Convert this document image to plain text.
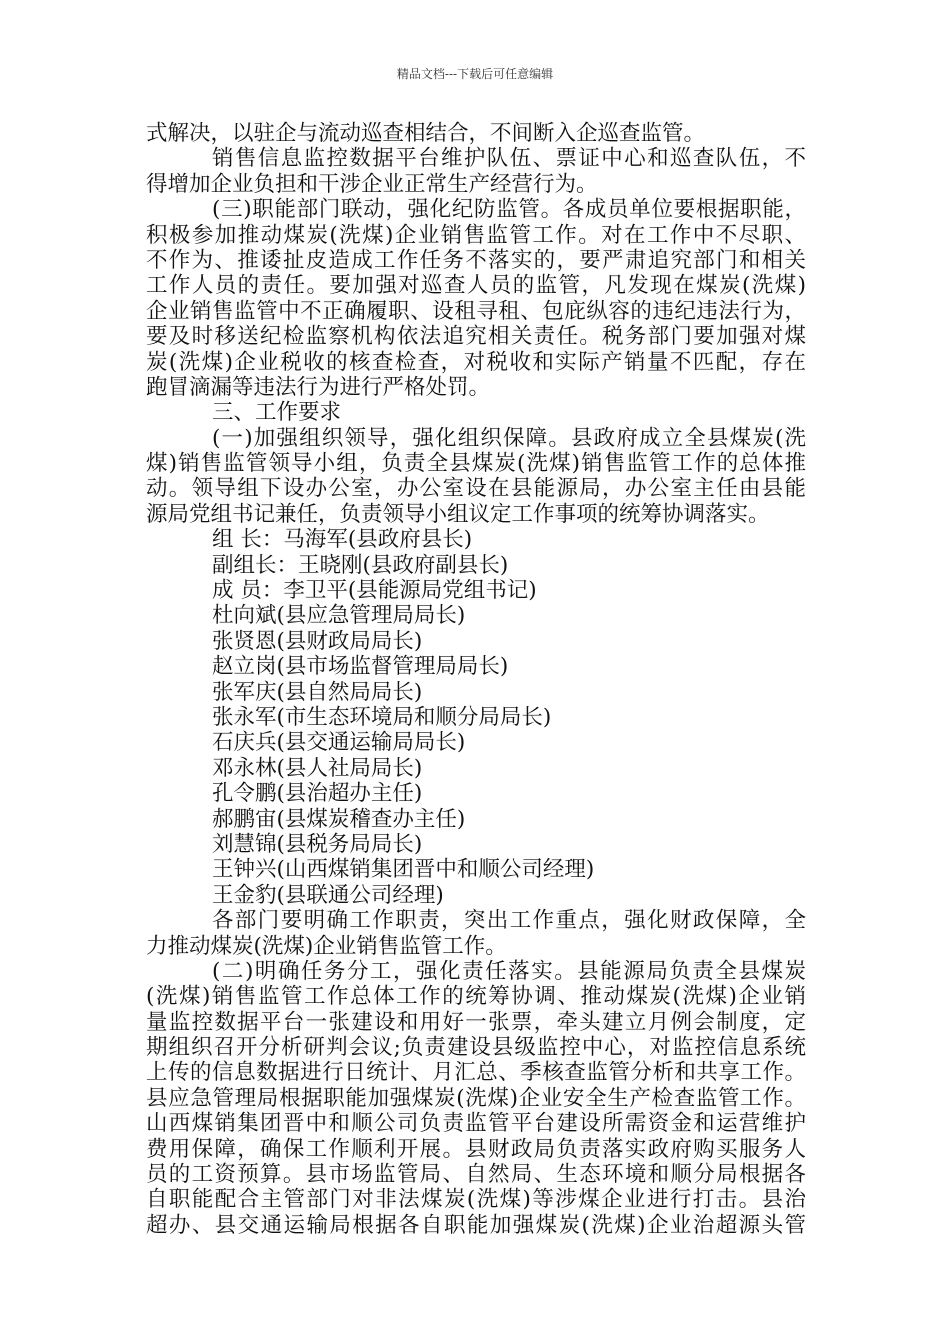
精品文档---下载后可任意编辑
式解决，以驻企与流动巡查相结合，不间断入企巡查监管。
销售信息监控数据平台维护队伍、票证中心和巡查队伍，不
得增加企业负担和干涉企业正常生产经营行为。
(三)职能部门联动，强化纪防监管。各成员单位要根据职能，
积极参加推动煤炭(洗煤)企业销售监管工作。对在工作中不尽职、
不作为、推诿扯皮造成工作任务不落实的，要严肃追究部门和相关
工作人员的责任。要加强对巡查人员的监管，凡发现在煤炭(洗煤)
企业销售监管中不正确履职、设租寻租、包庇纵容的违纪违法行为，
要及时移送纪检监察机构依法追究相关责任。税务部门要加强对煤
炭(洗煤)企业税收的核查检查，对税收和实际产销量不匹配，存在
跑冒滴漏等违法行为进行严格处罚。
三、工作要求
(一)加强组织领导，强化组织保障。县政府成立全县煤炭(洗
煤)销售监管领导小组，负责全县煤炭(洗煤)销售监管工作的总体推
动。领导组下设办公室，办公室设在县能源局，办公室主任由县能
源局党组书记兼任，负责领导小组议定工作事项的统筹协调落实。
组 长：马海军(县政府县长)
副组长：王晓刚(县政府副县长)
成 员：李卫平(县能源局党组书记)
杜向斌(县应急管理局局长)
张贤恩(县财政局局长)
赵立岗(县市场监督管理局局长)
张军庆(县自然局局长)
张永军(市生态环境局和顺分局局长)
石庆兵(县交通运输局局长)
邓永林(县人社局局长)
孔令鹏(县治超办主任)
郝鹏宙(县煤炭稽查办主任)
刘慧锦(县税务局局长)
王钟兴(山西煤销集团晋中和顺公司经理)
王金豹(县联通公司经理)
各部门要明确工作职责，突出工作重点，强化财政保障，全
力推动煤炭(洗煤)企业销售监管工作。
(二)明确任务分工，强化责任落实。县能源局负责全县煤炭
(洗煤)销售监管工作总体工作的统筹协调、推动煤炭(洗煤)企业销
量监控数据平台一张建设和用好一张票，牵头建立月例会制度，定
期组织召开分析研判会议;负责建设县级监控中心，对监控信息系统
上传的信息数据进行日统计、月汇总、季核查监管分析和共享工作。
县应急管理局根据职能加强煤炭(洗煤)企业安全生产检查监管工作。
山西煤销集团晋中和顺公司负责监管平台建设所需资金和运营维护
费用保障，确保工作顺利开展。县财政局负责落实政府购买服务人
员的工资预算。县市场监管局、自然局、生态环境和顺分局根据各
自职能配合主管部门对非法煤炭(洗煤)等涉煤企业进行打击。县治
超办、县交通运输局根据各自职能加强煤炭(洗煤)企业治超源头管
